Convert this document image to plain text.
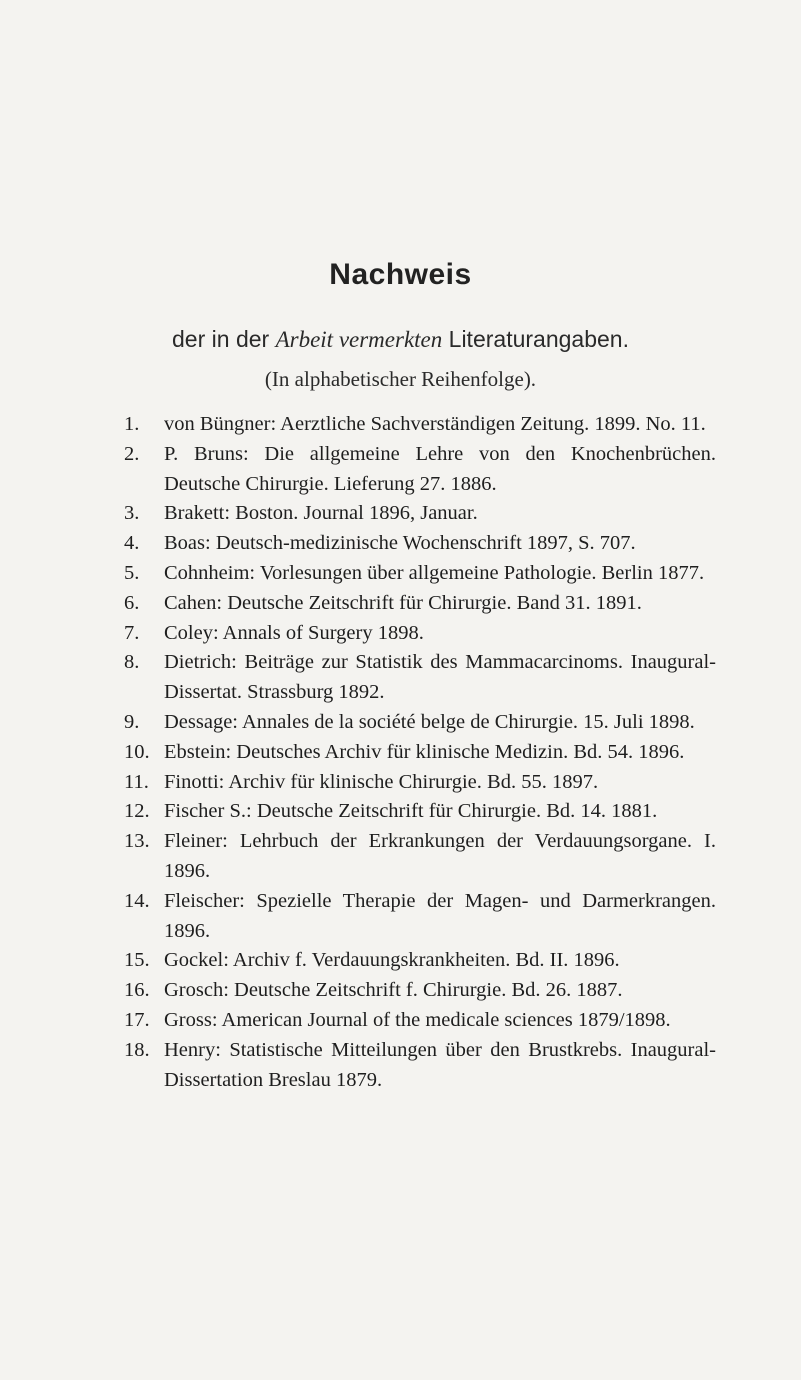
Nachweis
der in der Arbeit vermerkten Literaturangaben.
(In alphabetischer Reihenfolge).
1.	von Büngner: Aerztliche Sachverständigen Zeitung. 1899. No. 11.
2.	P. Bruns: Die allgemeine Lehre von den Knochenbrüchen. Deutsche Chirurgie. Lieferung 27. 1886.
3.	Brakett: Boston. Journal 1896, Januar.
4.	Boas: Deutsch-medizinische Wochenschrift 1897, S. 707.
5.	Cohnheim: Vorlesungen über allgemeine Pathologie. Berlin 1877.
6.	Cahen: Deutsche Zeitschrift für Chirurgie. Band 31. 1891.
7.	Coley: Annals of Surgery 1898.
8.	Dietrich: Beiträge zur Statistik des Mammacarcinoms. Inaugural-Dissertat. Strassburg 1892.
9.	Dessage: Annales de la société belge de Chirurgie. 15. Juli 1898.
10. Ebstein: Deutsches Archiv für klinische Medizin. Bd. 54. 1896.
11. Finotti: Archiv für klinische Chirurgie. Bd. 55. 1897.
12. Fischer S.: Deutsche Zeitschrift für Chirurgie. Bd. 14. 1881.
13. Fleiner: Lehrbuch der Erkrankungen der Verdauungsorgane. I. 1896.
14. Fleischer: Spezielle Therapie der Magen- und Darmerkrangen. 1896.
15. Gockel: Archiv f. Verdauungskrankheiten. Bd. II. 1896.
16. Grosch: Deutsche Zeitschrift f. Chirurgie. Bd. 26. 1887.
17. Gross: American Journal of the medicale sciences 1879/1898.
18. Henry: Statistische Mitteilungen über den Brustkrebs. Inaugural-Dissertation Breslau 1879.
